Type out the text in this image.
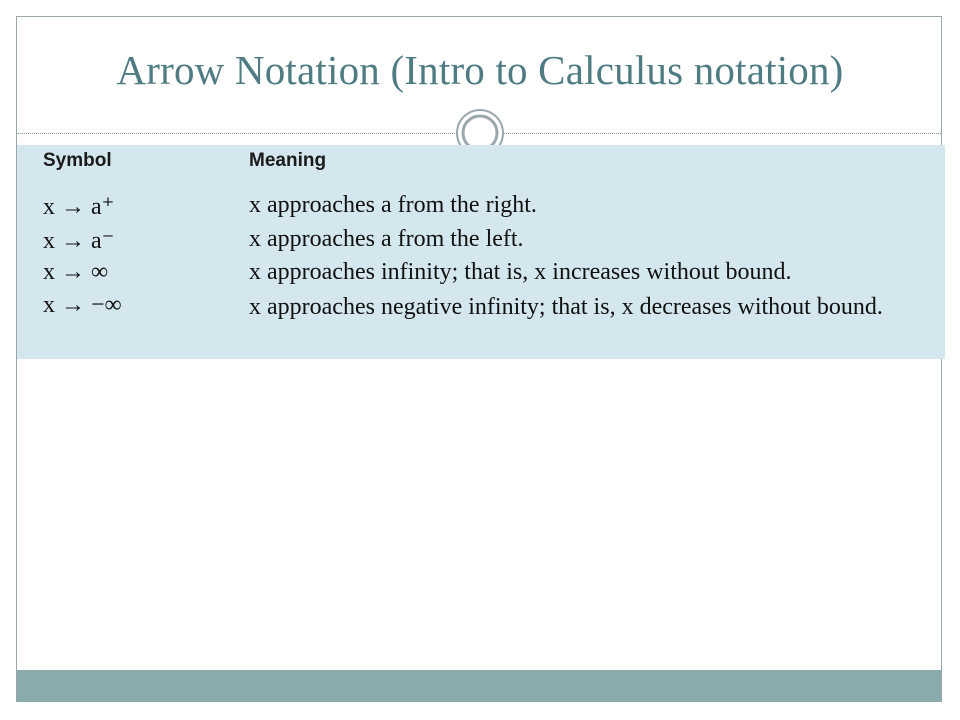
Arrow Notation (Intro to Calculus notation)
Symbol	Meaning
x → a⁺	x approaches a from the right.
x → a⁻	x approaches a from the left.
x → ∞	x approaches infinity; that is, x increases without bound.
x → −∞	x approaches negative infinity; that is, x decreases without bound.
